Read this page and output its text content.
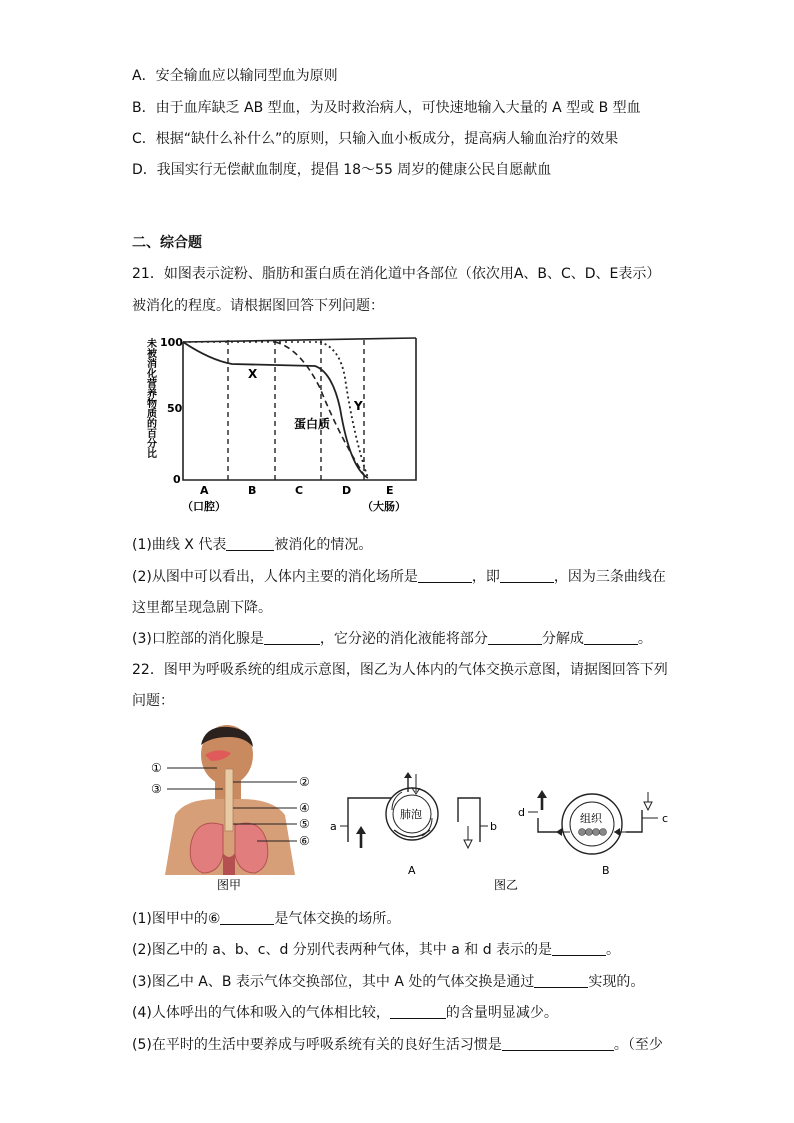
A．安全输血应以输同型血为原则
B．由于血库缺乏 AB 型血，为及时救治病人，可快速地输入大量的 A 型或 B 型血
C．根据“缺什么补什么”的原则，只输入血小板成分，提高病人输血治疗的效果
D．我国实行无偿献血制度，提倡 18～55 周岁的健康公民自愿献血
二、综合题
21．如图表示淀粉、脂肪和蛋白质在消化道中各部位（依次用A、B、C、D、E表示）
被消化的程度。请根据图回答下列问题：
未被消化营养物质的百分比 100
50
0
X
Y
蛋白质
A	B	C	D	E
（口腔）	（大肠）
(1)曲线 X 代表	被消化的情况。
(2)从图中可以看出，人体内主要的消化场所是	，即	，因为三条曲线在
这里都呈现急剧下降。
(3)口腔部的消化腺是	，它分泌的消化液能将部分	分解成	。
22．图甲为呼吸系统的组成示意图，图乙为人体内的气体交换示意图，请据图回答下列
问题：
①
②
③
④
⑤
⑥
图甲
肺泡
a	b
A
组织
d	c
B
图乙
(1)图甲中的⑥	是气体交换的场所。
(2)图乙中的 a、b、c、d 分别代表两种气体，其中 a 和 d 表示的是	。
(3)图乙中 A、B 表示气体交换部位，其中 A 处的气体交换是通过	实现的。
(4)人体呼出的气体和吸入的气体相比较，	的含量明显减少。
(5)在平时的生活中要养成与呼吸系统有关的良好生活习惯是	。（至少
